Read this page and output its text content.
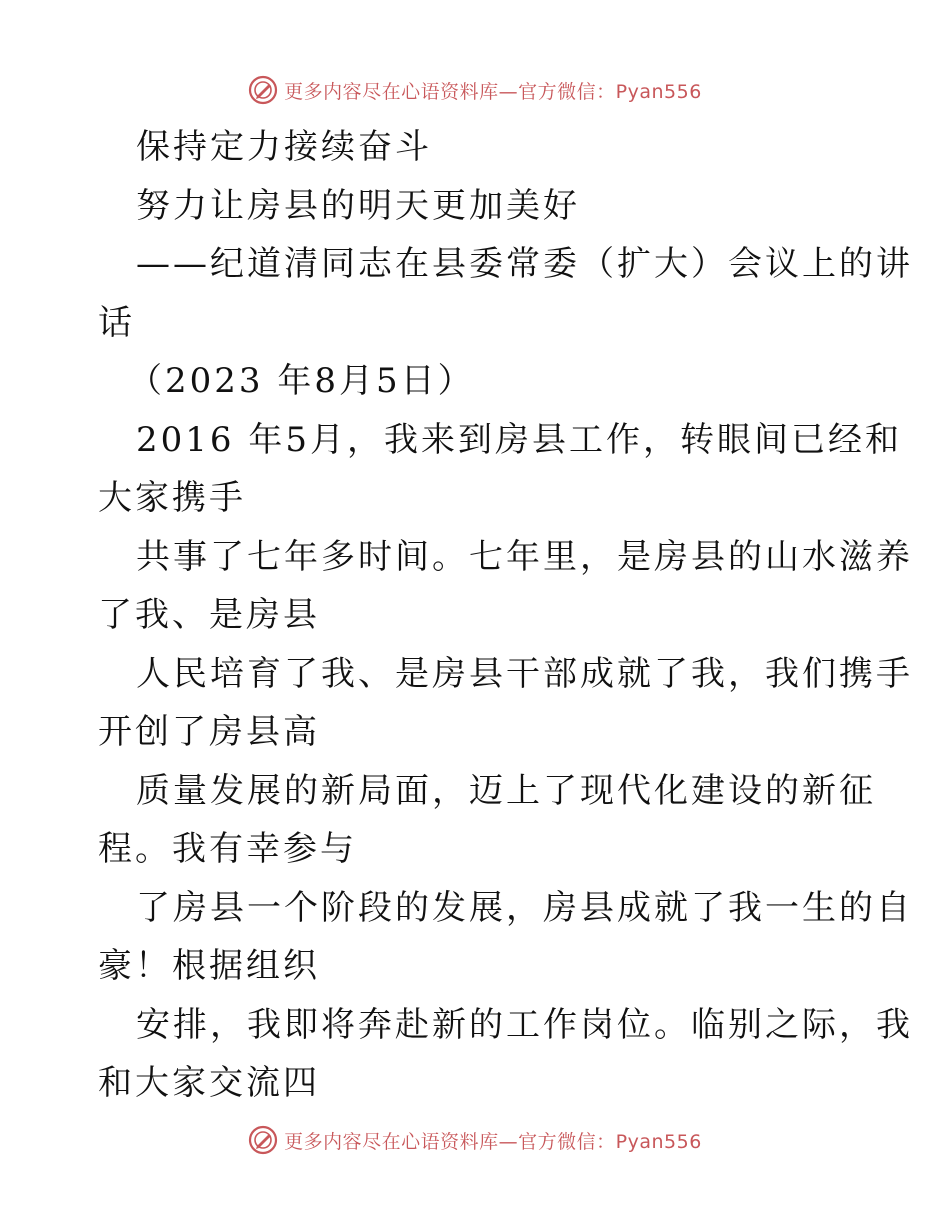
更多内容尽在心语资料库—官方微信：Pyan556
保持定力接续奋斗
努力让房县的明天更加美好
——纪道清同志在县委常委（扩大）会议上的讲
话
（2023 年8月5日）
2016 年5月，我来到房县工作，转眼间已经和
大家携手
共事了七年多时间。七年里，是房县的山水滋养
了我、是房县
人民培育了我、是房县干部成就了我，我们携手
开创了房县高
质量发展的新局面，迈上了现代化建设的新征
程。我有幸参与
了房县一个阶段的发展，房县成就了我一生的自
豪！根据组织
安排，我即将奔赴新的工作岗位。临别之际，我
和大家交流四
更多内容尽在心语资料库—官方微信：Pyan556
